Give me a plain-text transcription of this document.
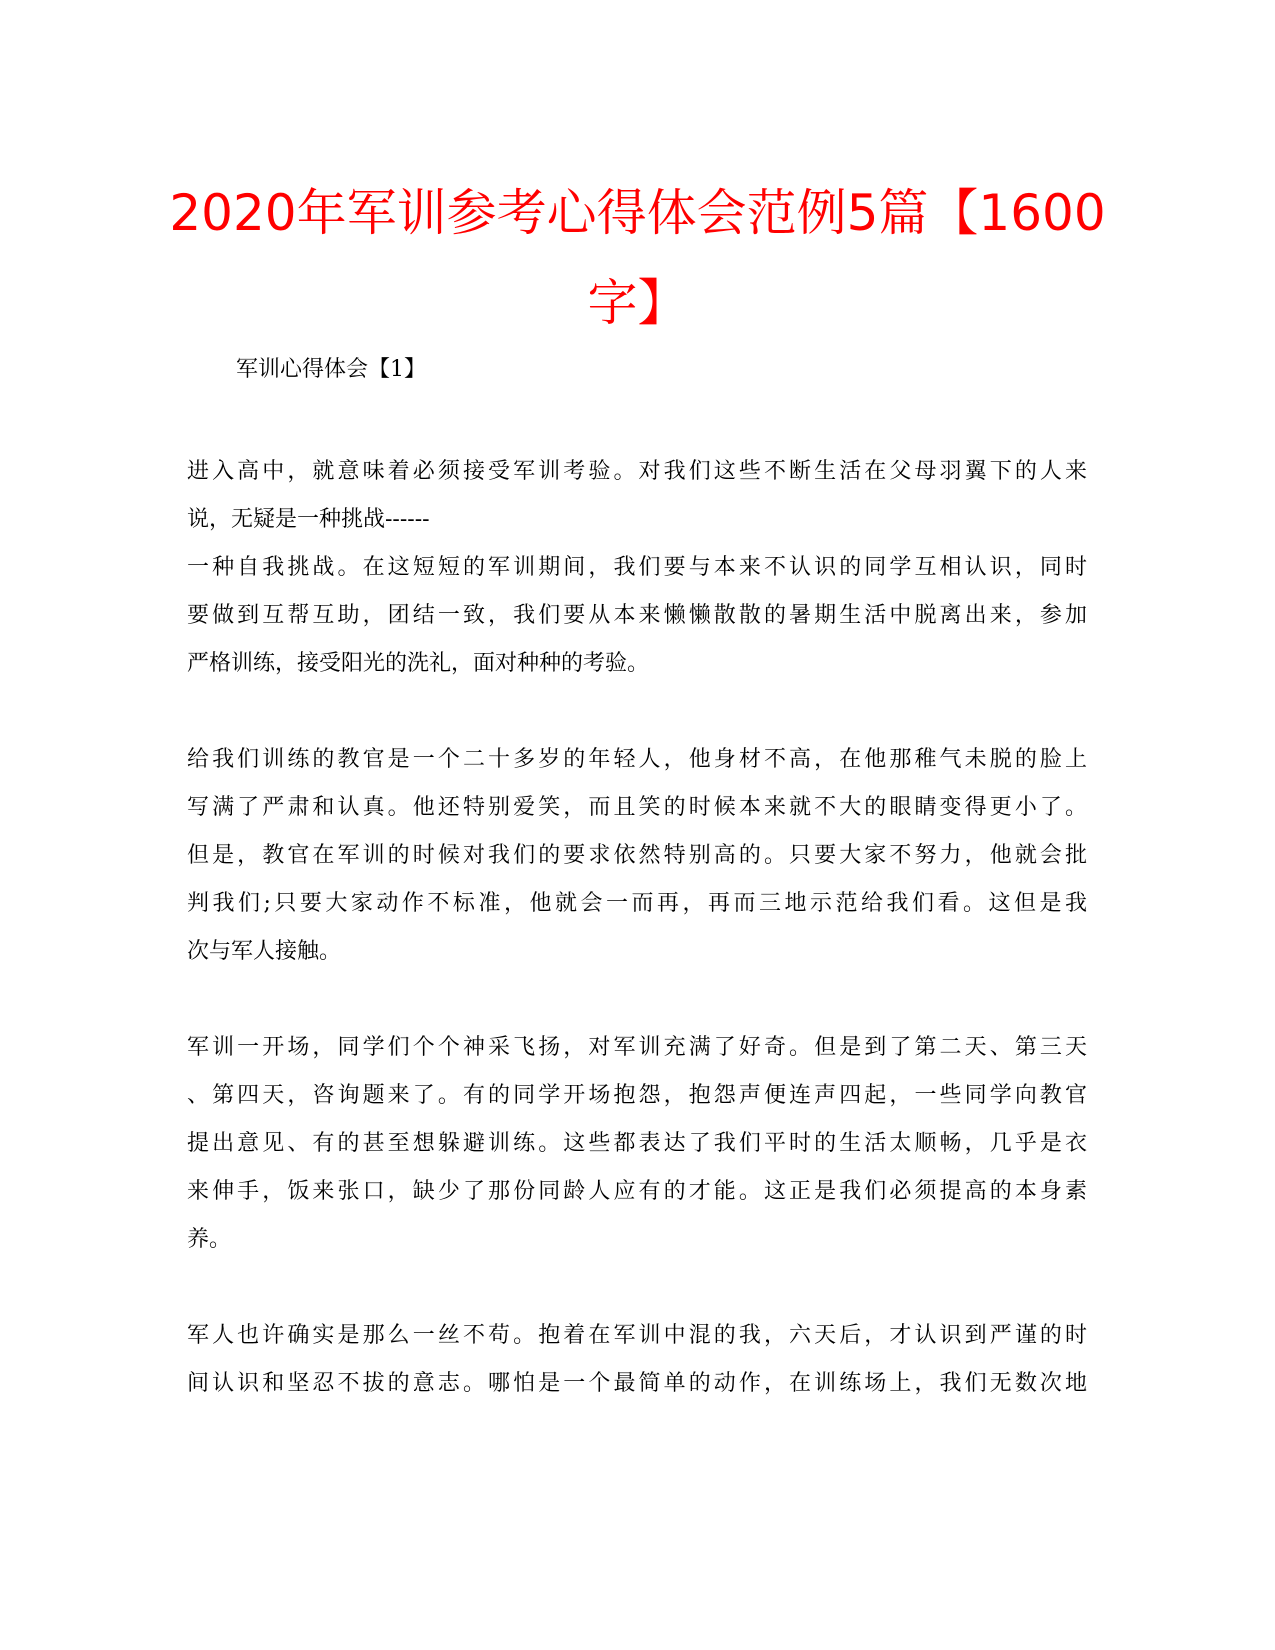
2020年军训参考心得体会范例5篇【1600字】

军训心得体会【1】

进入高中，就意味着必须接受军训考验。对我们这些不断生活在父母羽翼下的人来
说，无疑是一种挑战------
一种自我挑战。在这短短的军训期间，我们要与本来不认识的同学互相认识，同时
要做到互帮互助，团结一致，我们要从本来懒懒散散的暑期生活中脱离出来，参加
严格训练，接受阳光的洗礼，面对种种的考验。
给我们训练的教官是一个二十多岁的年轻人，他身材不高，在他那稚气未脱的脸上
写满了严肃和认真。他还特别爱笑，而且笑的时候本来就不大的眼睛变得更小了。
但是，教官在军训的时候对我们的要求依然特别高的。只要大家不努力，他就会批
判我们;只要大家动作不标准，他就会一而再，再而三地示范给我们看。这但是我
次与军人接触。
军训一开场，同学们个个神采飞扬，对军训充满了好奇。但是到了第二天、第三天
、第四天，咨询题来了。有的同学开场抱怨，抱怨声便连声四起，一些同学向教官
提出意见、有的甚至想躲避训练。这些都表达了我们平时的生活太顺畅，几乎是衣
来伸手，饭来张口，缺少了那份同龄人应有的才能。这正是我们必须提高的本身素
养。
军人也许确实是那么一丝不苟。抱着在军训中混的我，六天后，才认识到严谨的时
间认识和坚忍不拔的意志。哪怕是一个最简单的动作，在训练场上，我们无数次地
